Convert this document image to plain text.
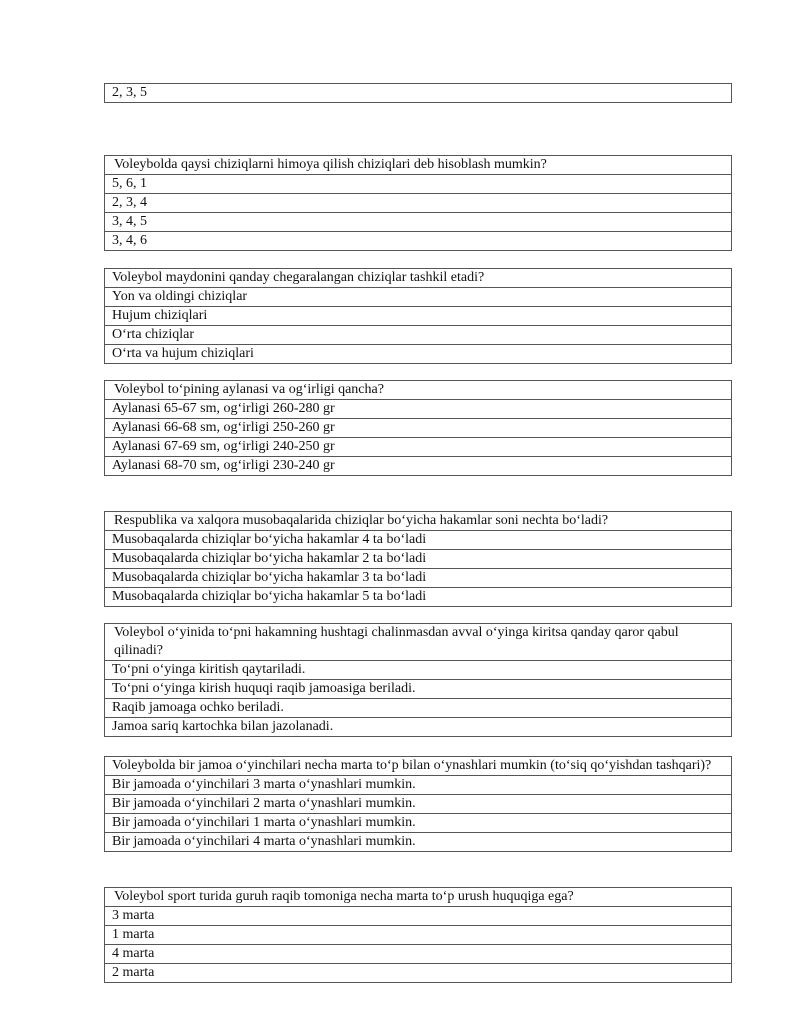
2, 3, 5
Voleybolda qaysi chiziqlarni himoya qilish chiziqlari deb hisoblash mumkin?
5, 6, 1
2, 3, 4
3, 4, 5
3, 4, 6
Voleybol maydonini qanday chegaralangan chiziqlar tashkil etadi?
Yon va oldingi chiziqlar
Hujum chiziqlari
O‘rta chiziqlar
O‘rta va hujum chiziqlari
Voleybol to‘pining aylanasi va og‘irligi qancha?
Aylanasi 65-67 sm, og‘irligi 260-280 gr
Aylanasi 66-68 sm, og‘irligi 250-260 gr
Aylanasi 67-69 sm, og‘irligi 240-250 gr
Aylanasi 68-70 sm, og‘irligi 230-240 gr
Respublika va xalqora musobaqalarida chiziqlar bo‘yicha hakamlar soni nechta bo‘ladi?
Musobaqalarda chiziqlar bo‘yicha hakamlar 4 ta bo‘ladi
Musobaqalarda chiziqlar bo‘yicha hakamlar 2 ta bo‘ladi
Musobaqalarda chiziqlar bo‘yicha hakamlar 3 ta bo‘ladi
Musobaqalarda chiziqlar bo‘yicha hakamlar 5 ta bo‘ladi
Voleybol o‘yinida to‘pni hakamning hushtagi chalinmasdan avval o‘yinga kiritsa qanday qaror qabul qilinadi?
To‘pni o‘yinga kiritish qaytariladi.
To‘pni o‘yinga kirish huquqi raqib jamoasiga beriladi.
Raqib jamoaga ochko beriladi.
Jamoa sariq kartochka bilan jazolanadi.
Voleybolda bir jamoa o‘yinchilari necha marta to‘p bilan o‘ynashlari mumkin (to‘siq qo‘yishdan tashqari)?
Bir jamoada o‘yinchilari 3 marta o‘ynashlari mumkin.
Bir jamoada o‘yinchilari 2 marta o‘ynashlari mumkin.
Bir jamoada o‘yinchilari 1 marta o‘ynashlari mumkin.
Bir jamoada o‘yinchilari 4 marta o‘ynashlari mumkin.
Voleybol sport turida guruh raqib tomoniga necha marta to‘p urush huquqiga ega?
3 marta
1 marta
4 marta
2 marta
